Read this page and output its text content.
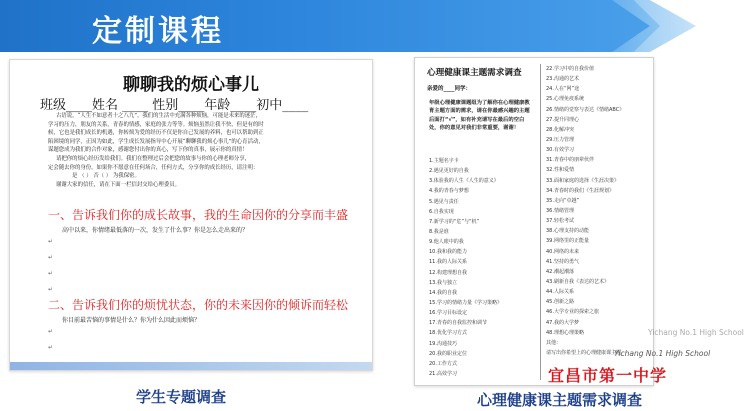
定制课程
聊聊我的烦心事儿
班级____姓名 ____ 性别____年龄____初中____
古语说，“人生不如意者十之八九”。我们的生活中充满各种烦恼，可能是未来的迷茫，
学习的压力，朋友的关系，青春的情感，家庭的张力等等。烦恼虽然让我不快，但是有的时
候，它也是我们成长的机遇，你转烦为爱的经历不仅是你自己发展的养料，也可以帮助到正
陷困境的同学，正因为如此，学生成长发展指导中心开展“聊聊我的烦心事儿”的心育活动，
谋题您成为我们的合作对象，感谢您付出你的真心，写下你的真事，展示你的真情！
请把你的烦心经历发给我们。我们在整理过后会把您的故事与你的心理老师分享，
定会随去你的身份，如果你不愿意在任何场合，任何方式，分享你的成长经历，请注明：
是 （ ） 否（ ） 为我保密。
谢谢大家的信任，请在下面一栏信封交给心理委员。
一、告诉我们你的成长故事，我的生命因你的分享而丰盛
高中以来，你情绪最低落的一次，发生了什么事？你是怎么走出来的？
↵
↵
↵
↵
二、告诉我们你的烦忧状态，你的未来因你的倾诉而轻松
你目前最苦恼的事情是什么？你为什么因此而烦恼？
↵
↵
学生专题调查
心理健康课主题需求调查
亲爱的____同学：
年级心理健康课题组为了解你在心理健康教育主题方面的需求，请在你最感兴趣的主题后面打“√”，如有补充请写在最后的空白处，你的意见对我们非常重要，谢谢！
1.主题名字卡
2.遇见更好的自我
3.体验我的人生《人生的意义》
4.我的青春与梦想
5.遇见与责任
6.自我实现
7.新学习的“危”与“机”
8.我是谁
9.他人眼中的我
10.我和我的能力
11.我的人际关系
12.构建理想自我
13.我与独立
14.我的自我
15.学习的情绪力量《学习策略》
16.学习目标设定
17.青春的自我监控和调节
18.优化学习方式
19.沟通技巧
20.我的职业定位
20.工作方式
21.高效学习
22.学习中的自我价值
23.沟通的艺术
24.人在“网”途
25.心理免疫系统
26.情绪的觉察与表达《情绪ABC》
27.提升同理心
28.化解冲突
29.压力管理
30.有效学习
31.青春中的朋辈伙伴
32.性和爱情
33.面和家庭的选择《生涯决策》
34.青春时的我们《生涯规划》
35.走向“卓越”
36.情绪管理
37.轻松考试
38.心理支持的动能
39.网络里的正能量
40.网络的未来
41.坚持的勇气
42.潮起潮落
43.刷新自我《表达的艺术》
44.人际关系
45.创新之路
46.大学专业的探索之旅
47.我的大学梦
48.理想心理策略
其他：
请写出你希望上的心理健康课主题
心理健康课主题需求调查
Yichang No.1 High School
Yichang No.1 High School
宜昌市第一中学
